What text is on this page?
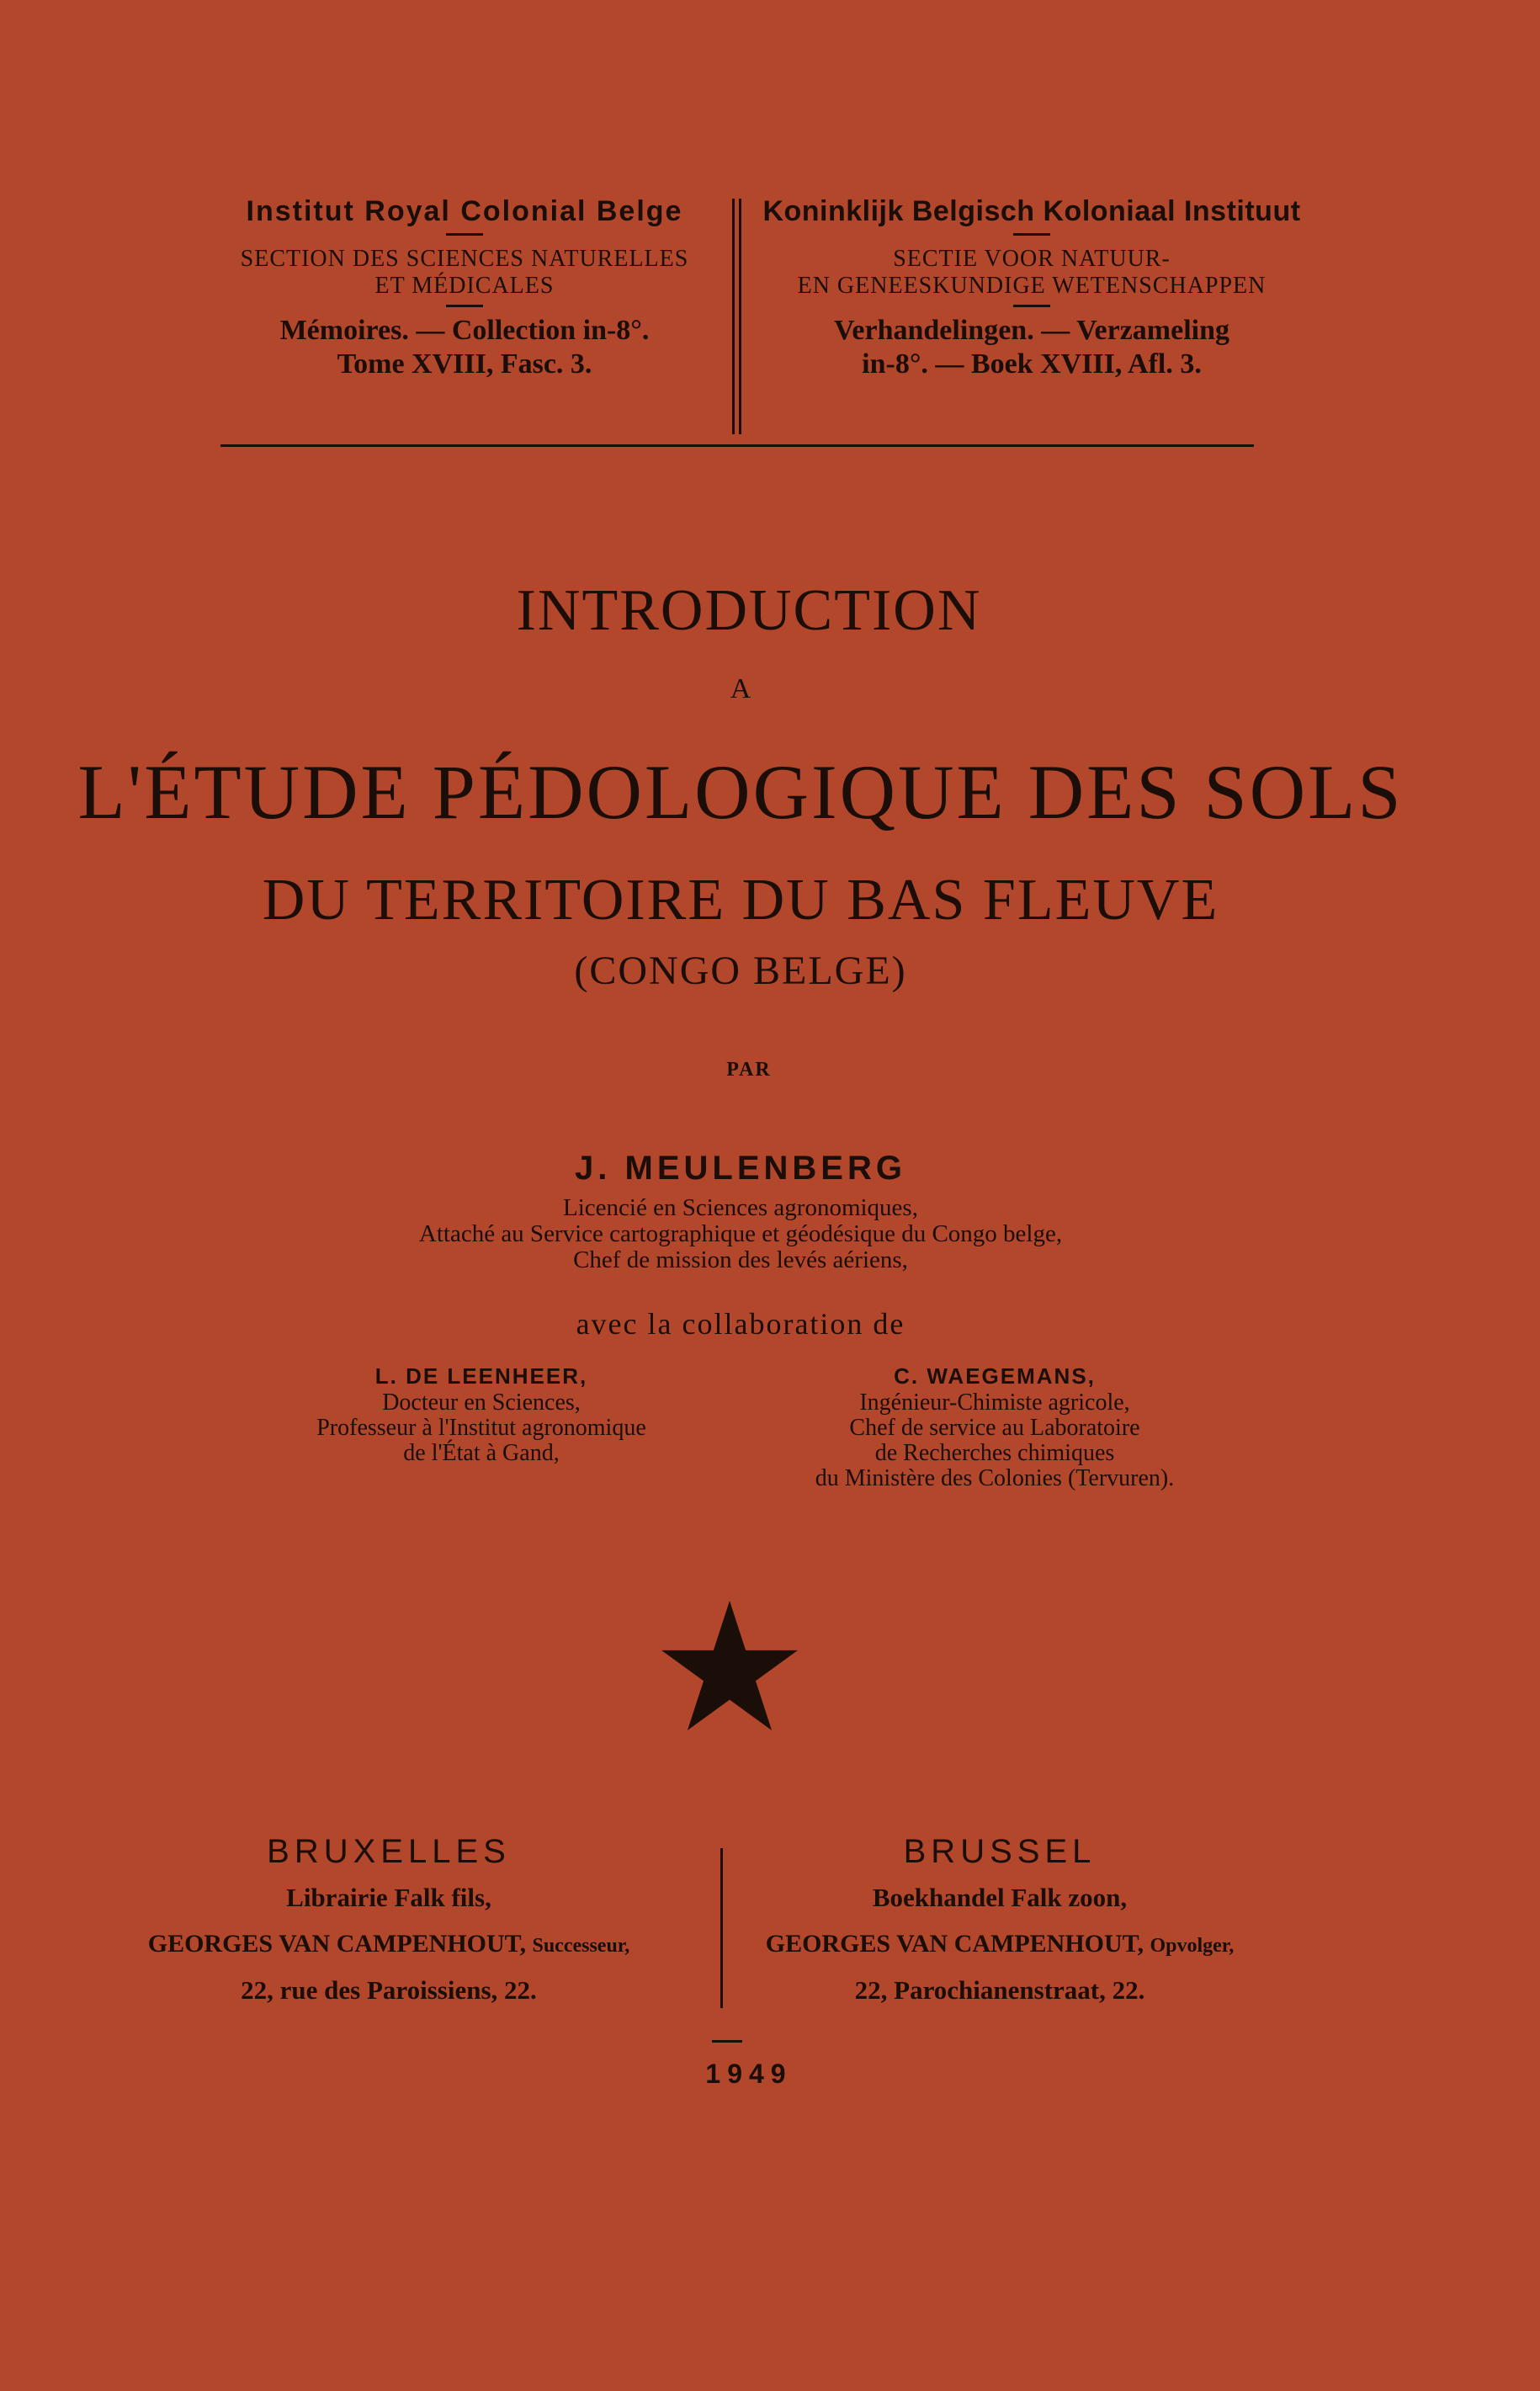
Institut Royal Colonial Belge
SECTION DES SCIENCES NATURELLES
ET MÉDICALES
Mémoires. — Collection in-8°.
Tome XVIII, Fasc. 3.
Koninklijk Belgisch Koloniaal Instituut
SECTIE VOOR NATUUR-
EN GENEESKUNDIGE WETENSCHAPPEN
Verhandelingen. — Verzameling
in-8°. — Boek XVIII, Afl. 3.
INTRODUCTION
A
L'ÉTUDE PÉDOLOGIQUE DES SOLS
DU TERRITOIRE DU BAS FLEUVE
(CONGO BELGE)
PAR
J. MEULENBERG
Licencié en Sciences agronomiques,
Attaché au Service cartographique et géodésique du Congo belge,
Chef de mission des levés aériens,
avec la collaboration de
L. DE LEENHEER,
Docteur en Sciences,
Professeur à l'Institut agronomique
de l'État à Gand,
C. WAEGEMANS,
Ingénieur-Chimiste agricole,
Chef de service au Laboratoire
de Recherches chimiques
du Ministère des Colonies (Tervuren).
BRUXELLES
Librairie Falk fils,
GEORGES VAN CAMPENHOUT, Successeur,
22, rue des Paroissiens, 22.
BRUSSEL
Boekhandel Falk zoon,
GEORGES VAN CAMPENHOUT, Opvolger,
22, Parochianenstraat, 22.
1949
